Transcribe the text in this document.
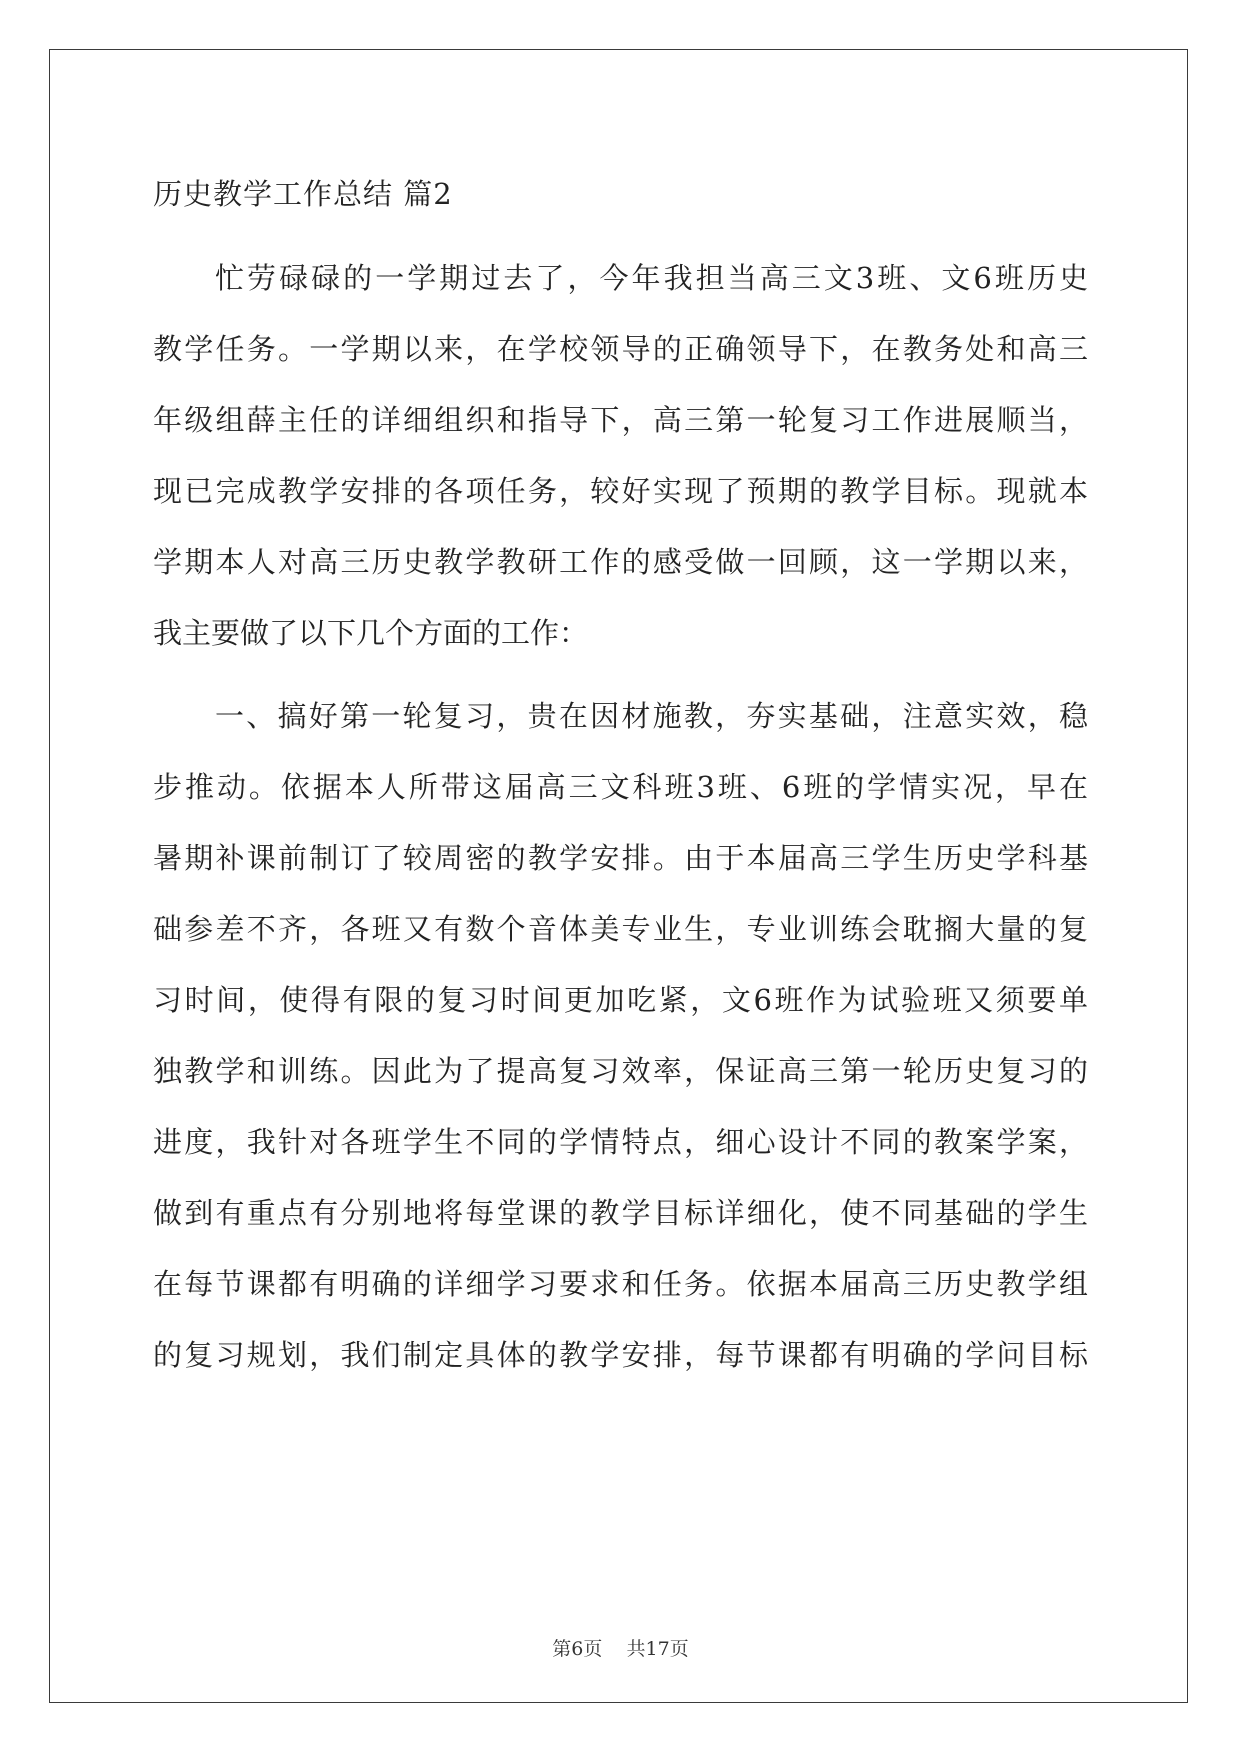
历史教学工作总结 篇2
忙劳碌碌的一学期过去了，今年我担当高三文3班、文6班历史
教学任务。一学期以来，在学校领导的正确领导下，在教务处和高三
年级组薛主任的详细组织和指导下，高三第一轮复习工作进展顺当，
现已完成教学安排的各项任务，较好实现了预期的教学目标。现就本
学期本人对高三历史教学教研工作的感受做一回顾，这一学期以来，
我主要做了以下几个方面的工作：
一、搞好第一轮复习，贵在因材施教，夯实基础，注意实效，稳
步推动。依据本人所带这届高三文科班3班、6班的学情实况，早在
暑期补课前制订了较周密的教学安排。由于本届高三学生历史学科基
础参差不齐，各班又有数个音体美专业生，专业训练会耽搁大量的复
习时间，使得有限的复习时间更加吃紧，文6班作为试验班又须要单
独教学和训练。因此为了提高复习效率，保证高三第一轮历史复习的
进度，我针对各班学生不同的学情特点，细心设计不同的教案学案，
做到有重点有分别地将每堂课的教学目标详细化，使不同基础的学生
在每节课都有明确的详细学习要求和任务。依据本届高三历史教学组
的复习规划，我们制定具体的教学安排，每节课都有明确的学问目标
第6页    共17页
